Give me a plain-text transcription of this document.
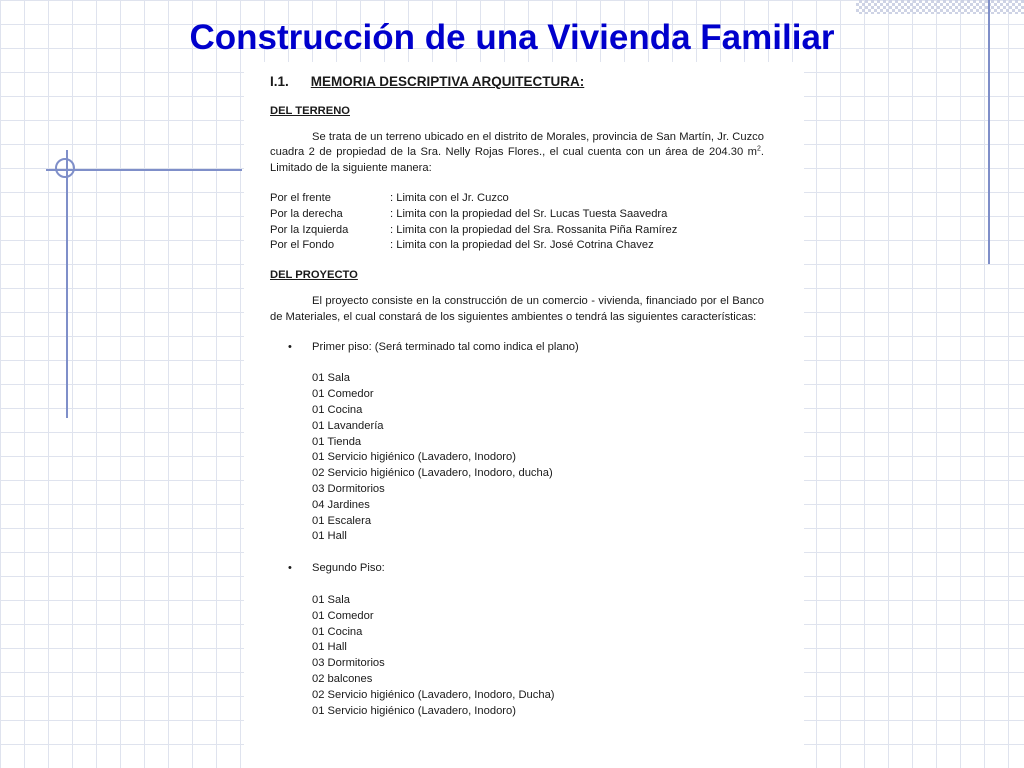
Construcción de una Vivienda Familiar
I.1. MEMORIA DESCRIPTIVA ARQUITECTURA:
DEL TERRENO

Se trata de un terreno ubicado en el distrito de Morales, provincia de San Martín, Jr. Cuzco cuadra 2 de propiedad de la Sra. Nelly Rojas Flores., el cual cuenta con un área de 204.30 $m^2$. Limitado de la siguiente manera:

Por el frente	: Limita con el Jr. Cuzco
Por la derecha	: Limita con la propiedad del Sr. Lucas Tuesta Saavedra
Por la Izquierda	: Limita con la propiedad del Sra. Rossanita Piña Ramírez
Por el Fondo	: Limita con la propiedad del Sr. José Cotrina Chavez
DEL PROYECTO

El proyecto consiste en la construcción de un comercio - vivienda, financiado por el Banco de Materiales, el cual constará de los siguientes ambientes o tendrá las siguientes características:

•	Primer piso: (Será terminado tal como indica el plano)
01 Sala
01 Comedor
01 Cocina
01 Lavandería
01 Tienda
01 Servicio higiénico (Lavadero, Inodoro)
02 Servicio higiénico (Lavadero, Inodoro, ducha)
03 Dormitorios
04 Jardines
01 Escalera
01 Hall
•	Segundo Piso:
01 Sala
01 Comedor
01 Cocina
01 Hall
03 Dormitorios
02 balcones
02 Servicio higiénico (Lavadero, Inodoro, Ducha)
01 Servicio higiénico (Lavadero, Inodoro)
